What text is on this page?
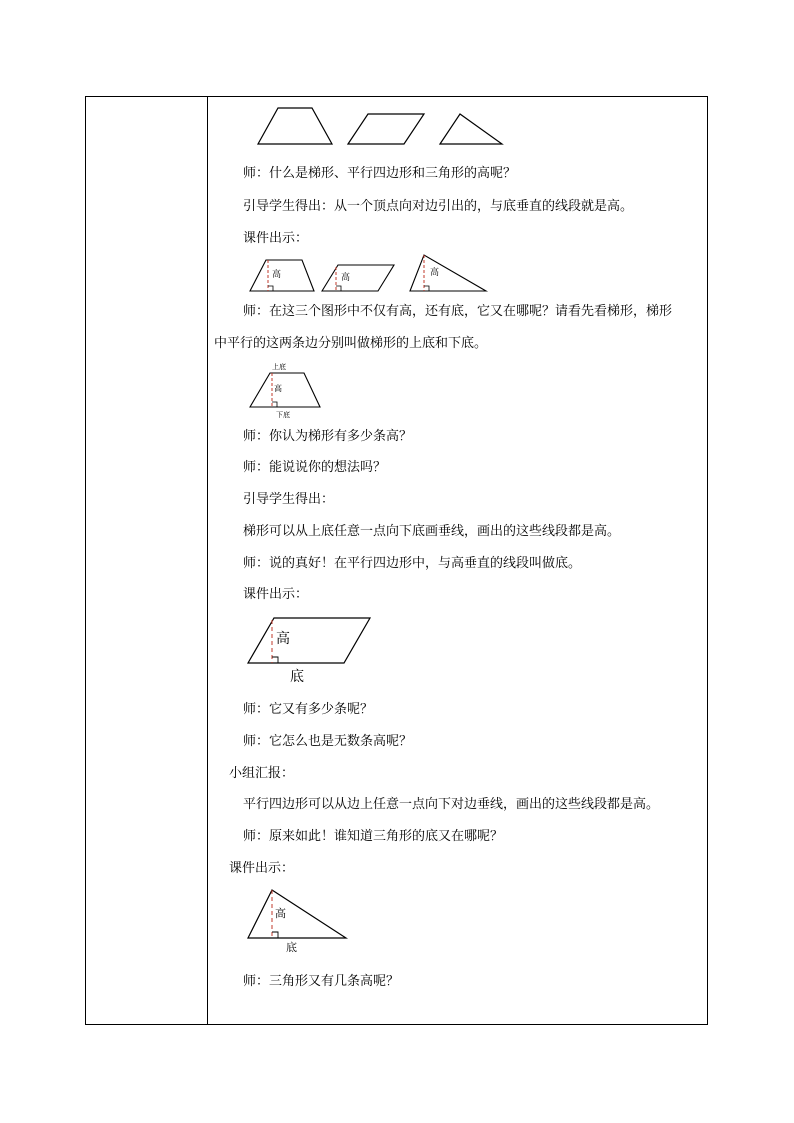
师：什么是梯形、平行四边形和三角形的高呢？
引导学生得出：从一个顶点向对边引出的，与底垂直的线段就是高。
课件出示：
高	高	高
师：在这三个图形中不仅有高，还有底，它又在哪呢？请看先看梯形，梯形
中平行的这两条边分别叫做梯形的上底和下底。
上底
高
下底
师：你认为梯形有多少条高？
师：能说说你的想法吗？
引导学生得出：
梯形可以从上底任意一点向下底画垂线，画出的这些线段都是高。
师：说的真好！在平行四边形中，与高垂直的线段叫做底。
课件出示：
高
底
师：它又有多少条呢？
师：它怎么也是无数条高呢？
小组汇报：
平行四边形可以从边上任意一点向下对边垂线，画出的这些线段都是高。
师：原来如此！谁知道三角形的底又在哪呢？
课件出示：
高
底
师：三角形又有几条高呢？
